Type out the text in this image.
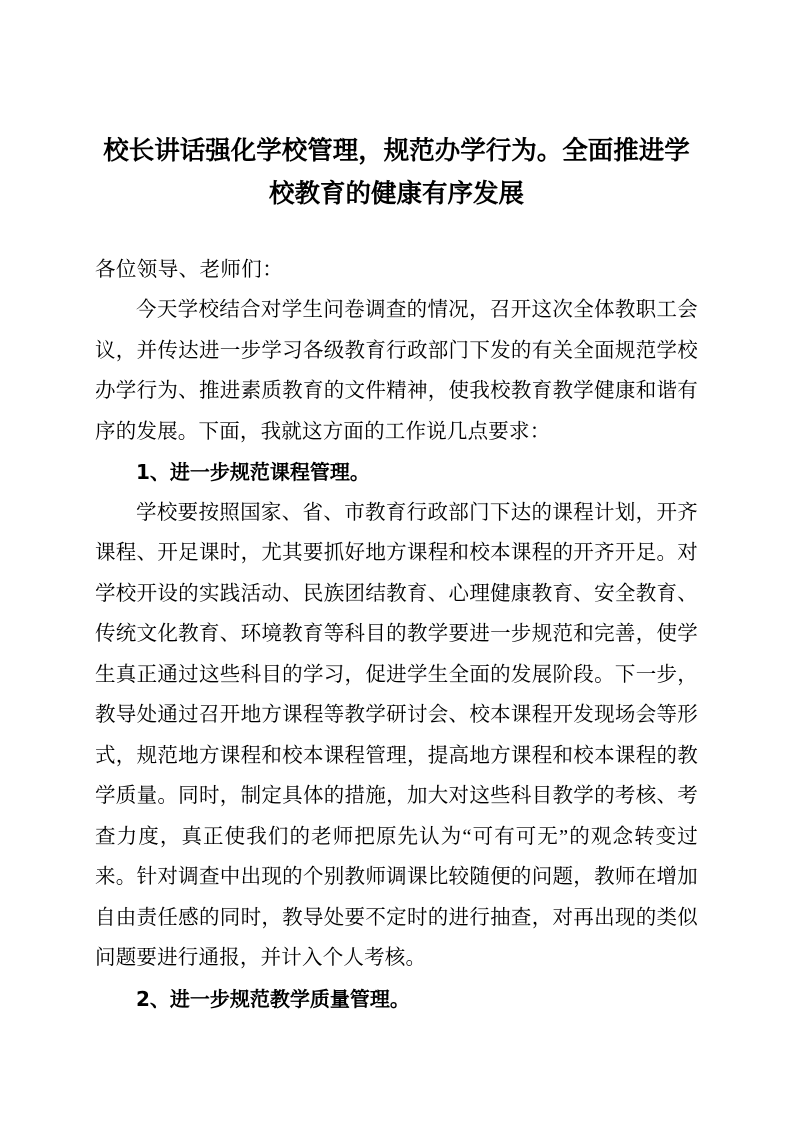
校长讲话强化学校管理，规范办学行为。全面推进学校教育的健康有序发展
各位领导、老师们：

今天学校结合对学生问卷调查的情况，召开这次全体教职工会议，并传达进一步学习各级教育行政部门下发的有关全面规范学校办学行为、推进素质教育的文件精神，使我校教育教学健康和谐有序的发展。下面，我就这方面的工作说几点要求：

1、进一步规范课程管理。

学校要按照国家、省、市教育行政部门下达的课程计划，开齐课程、开足课时，尤其要抓好地方课程和校本课程的开齐开足。对学校开设的实践活动、民族团结教育、心理健康教育、安全教育、传统文化教育、环境教育等科目的教学要进一步规范和完善，使学生真正通过这些科目的学习，促进学生全面的发展阶段。下一步，教导处通过召开地方课程等教学研讨会、校本课程开发现场会等形式，规范地方课程和校本课程管理，提高地方课程和校本课程的教学质量。同时，制定具体的措施，加大对这些科目教学的考核、考查力度，真正使我们的老师把原先认为“可有可无”的观念转变过来。针对调查中出现的个别教师调课比较随便的问题，教师在增加自由责任感的同时，教导处要不定时的进行抽查，对再出现的类似问题要进行通报，并计入个人考核。

2、进一步规范教学质量管理。
